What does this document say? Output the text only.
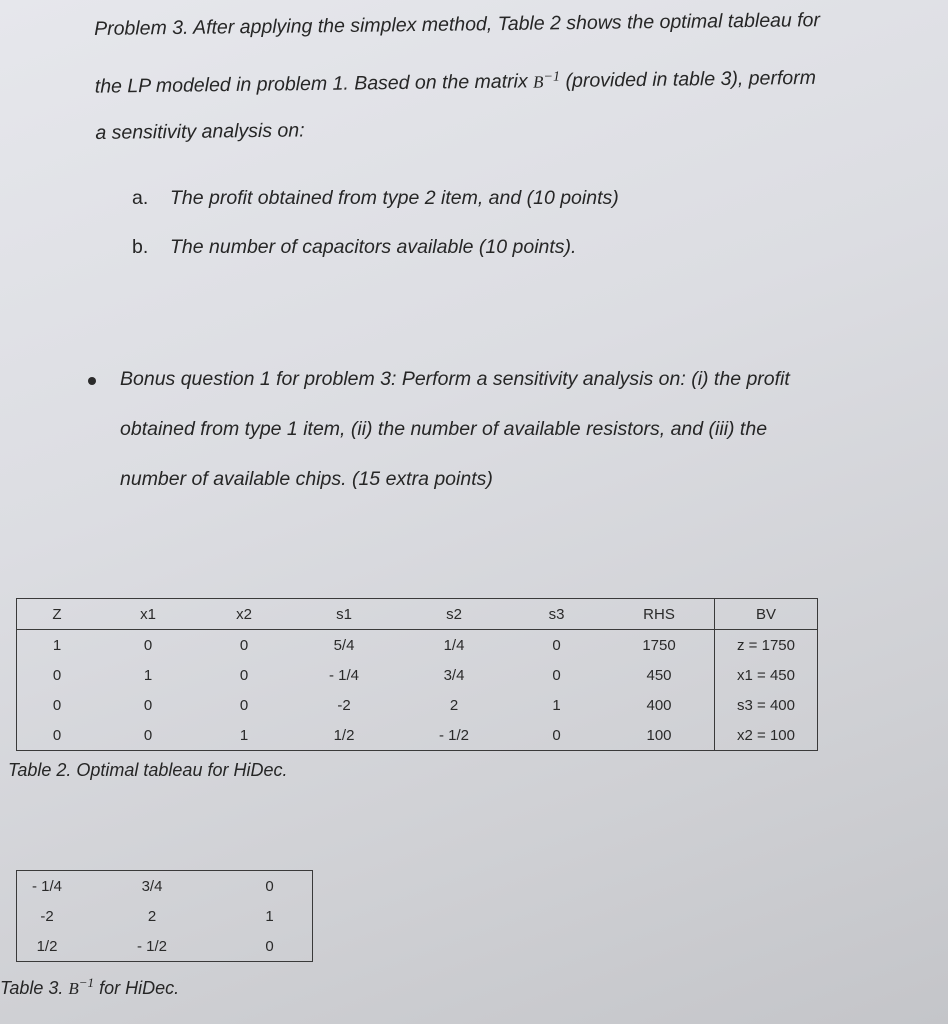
Problem 3. After applying the simplex method, Table 2 shows the optimal tableau for
the LP modeled in problem 1. Based on the matrix $B^{-1}$ (provided in table 3), perform
a sensitivity analysis on:
a. The profit obtained from type 2 item, and (10 points)
b. The number of capacitors available (10 points).
Bonus question 1 for problem 3: Perform a sensitivity analysis on: (i) the profit
obtained from type 1 item, (ii) the number of available resistors, and (iii) the
number of available chips. (15 extra points)
Z	x1	x2	s1	s2	s3	RHS	BV
1	0	0	5/4	1/4	0	1750	z = 1750
0	1	0	- 1/4	3/4	0	450	x1 = 450
0	0	0	-2	2	1	400	s3 = 400
0	0	1	1/2	- 1/2	0	100	x2 = 100
Table 2. Optimal tableau for HiDec.
- 1/4	3/4	0
-2	2	1
1/2	- 1/2	0
Table 3. $B^{-1}$ for HiDec.
